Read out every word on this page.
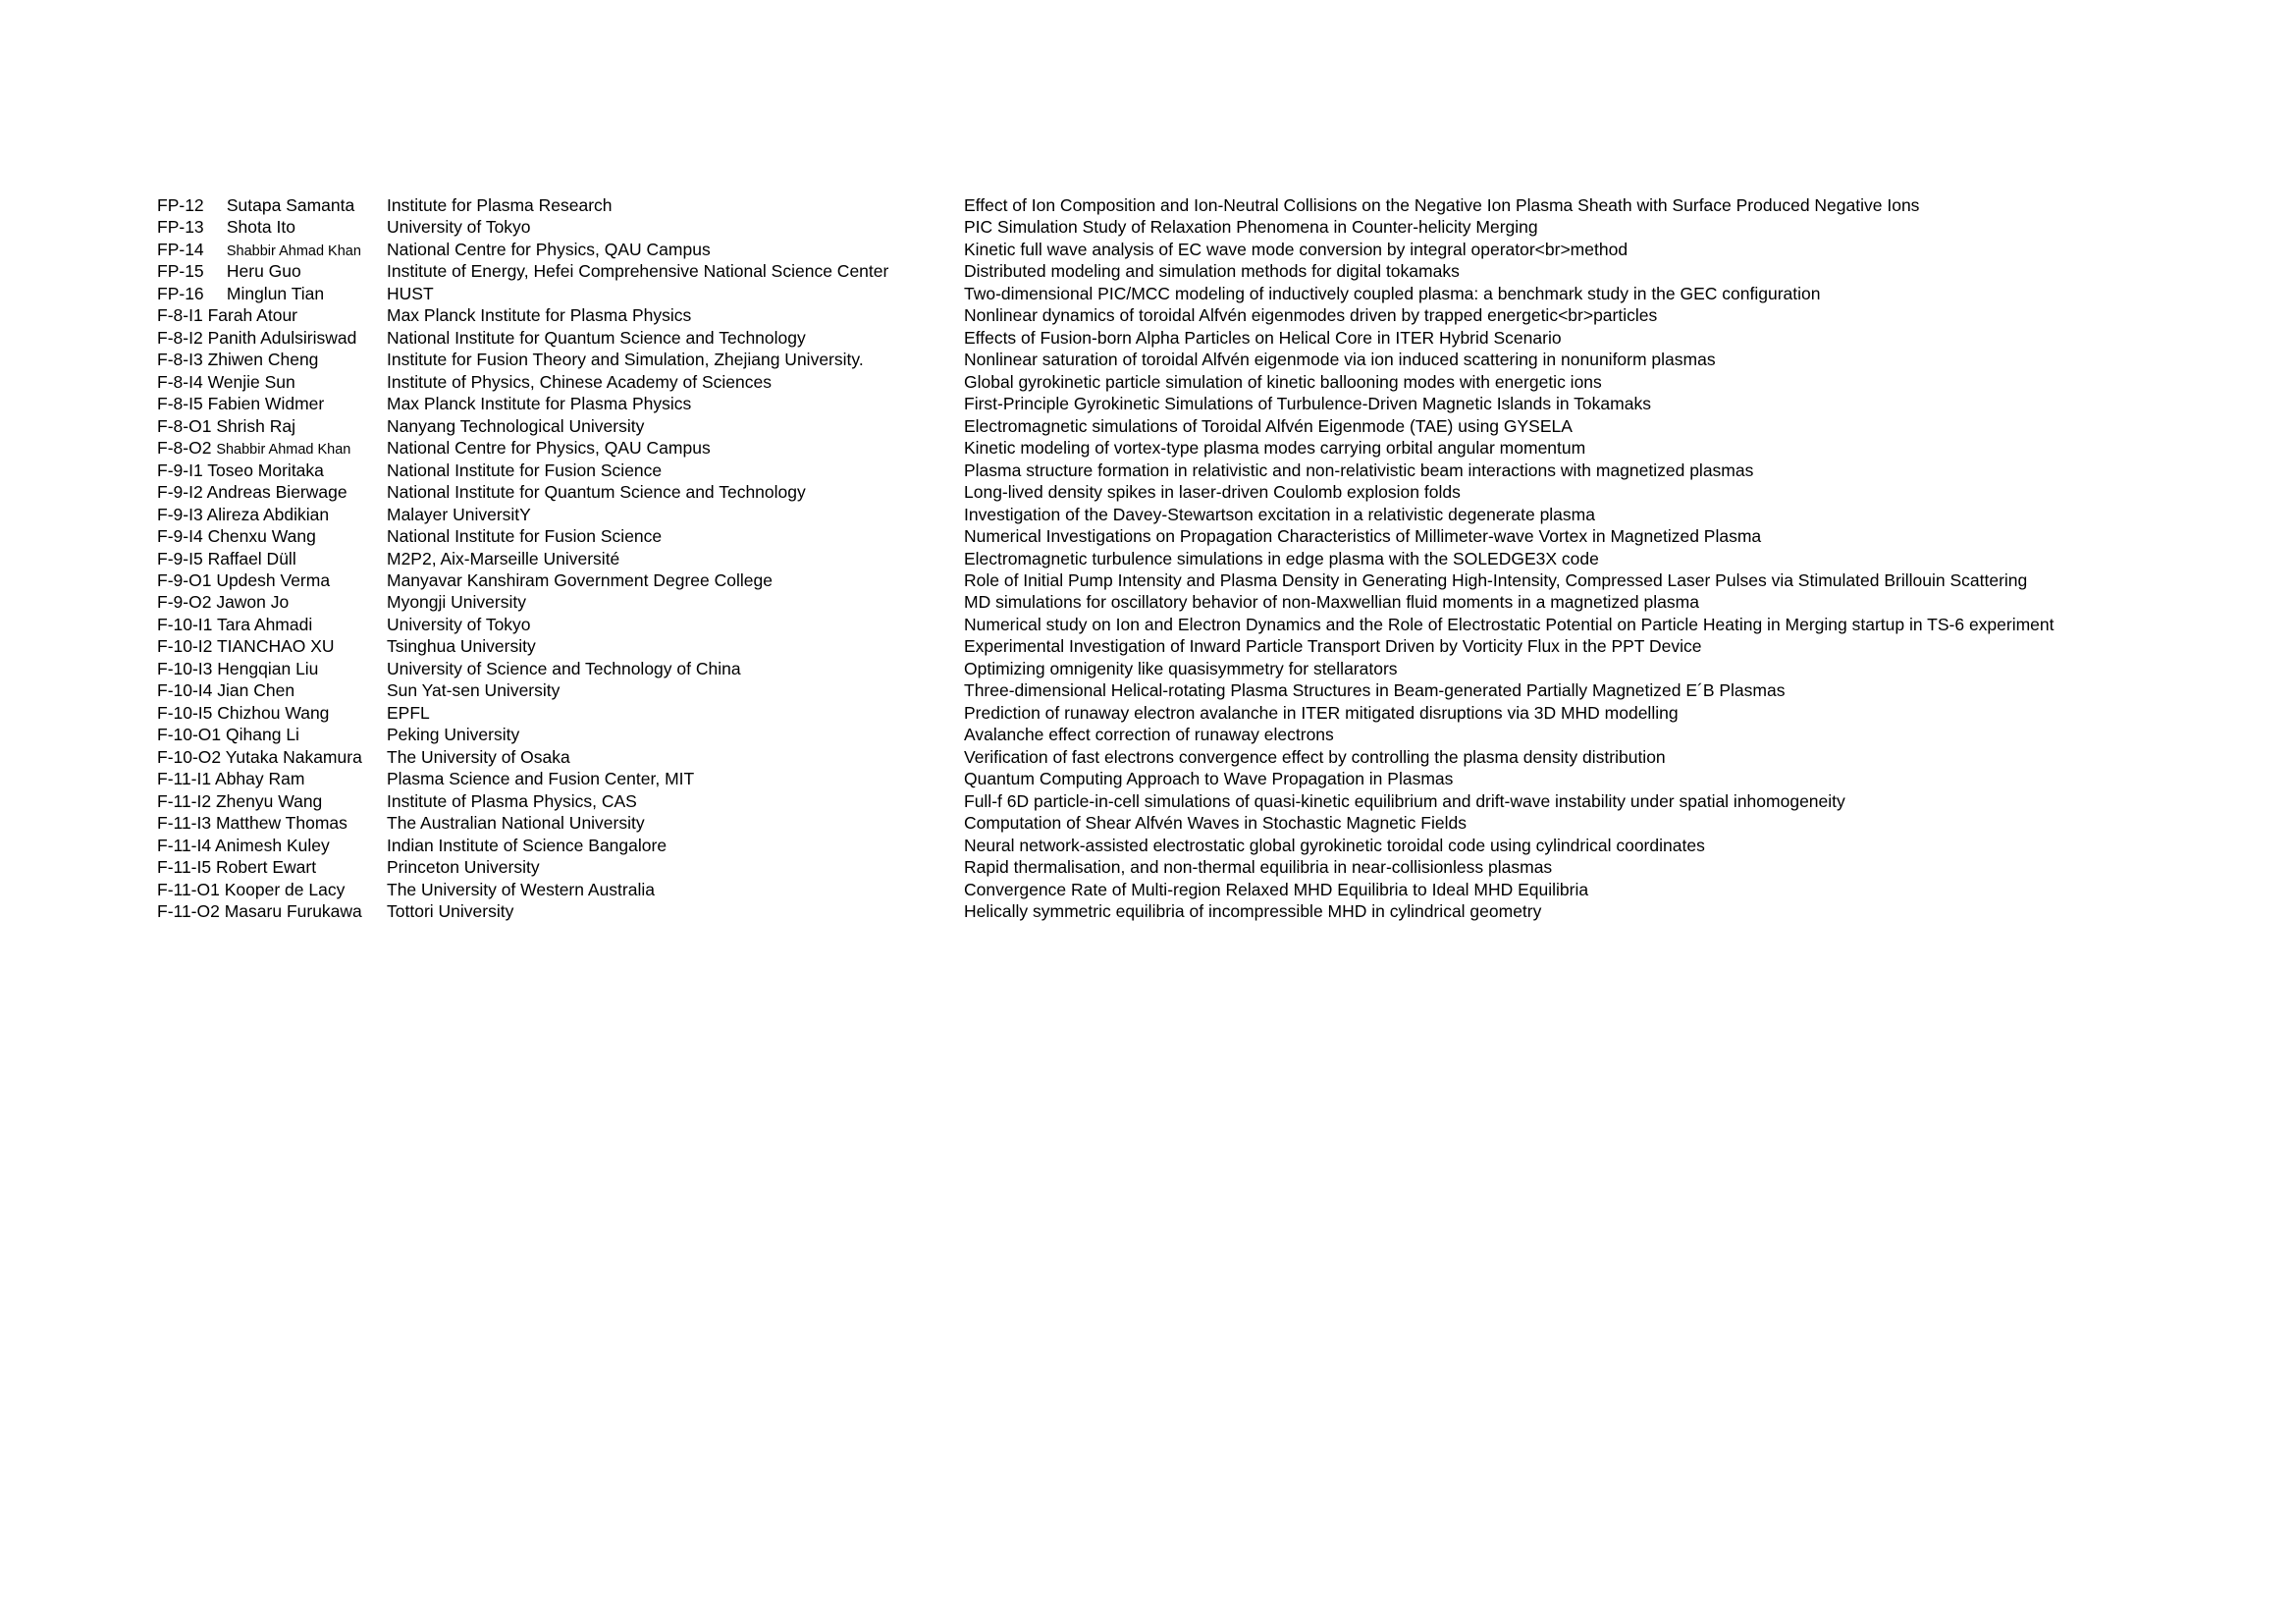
FP-12 Sutapa Samanta	Institute for Plasma Research	Effect of Ion Composition and Ion-Neutral Collisions on the Negative Ion Plasma Sheath with Surface Produced Negative Ions
FP-13 Shota Ito	University of Tokyo	PIC Simulation Study of Relaxation Phenomena in Counter-helicity Merging
FP-14 Shabbir Ahmad Khan	National Centre for Physics, QAU Campus	Kinetic full wave analysis of EC wave mode conversion by integral operator<br>method
FP-15 Heru Guo	Institute of Energy, Hefei Comprehensive National Science Center	Distributed modeling and simulation methods for digital tokamaks
FP-16 Minglun Tian	HUST	Two-dimensional PIC/MCC modeling of inductively coupled plasma: a benchmark study in the GEC configuration
F-8-I1 Farah Atour	Max Planck Institute for Plasma Physics	Nonlinear dynamics of toroidal Alfvén eigenmodes driven by trapped energetic<br>particles
F-8-I2 Panith Adulsiriswad	National Institute for Quantum Science and Technology	Effects of Fusion-born Alpha Particles on Helical Core in ITER Hybrid Scenario
F-8-I3 Zhiwen Cheng	Institute for Fusion Theory and Simulation, Zhejiang University.	Nonlinear saturation of toroidal Alfvén eigenmode via ion induced scattering in nonuniform plasmas
F-8-I4 Wenjie Sun	Institute of Physics, Chinese Academy of Sciences	Global gyrokinetic particle simulation of kinetic ballooning modes with energetic ions
F-8-I5 Fabien Widmer	Max Planck Institute for Plasma Physics	First-Principle Gyrokinetic Simulations of Turbulence-Driven Magnetic Islands in Tokamaks
F-8-O1 Shrish Raj	Nanyang Technological University	Electromagnetic simulations of Toroidal Alfvén Eigenmode (TAE) using GYSELA
F-8-O2 Shabbir Ahmad Khan	National Centre for Physics, QAU Campus	Kinetic modeling of vortex-type plasma modes carrying orbital angular momentum
F-9-I1 Toseo Moritaka	National Institute for Fusion Science	Plasma structure formation in relativistic and non-relativistic beam interactions with magnetized plasmas
F-9-I2 Andreas Bierwage	National Institute for Quantum Science and Technology	Long-lived density spikes in laser-driven Coulomb explosion folds
F-9-I3 Alireza Abdikian	Malayer UniversitY	Investigation of the Davey-Stewartson excitation in a relativistic degenerate plasma
F-9-I4 Chenxu Wang	National Institute for Fusion Science	Numerical Investigations on Propagation Characteristics of Millimeter-wave Vortex in Magnetized Plasma
F-9-I5 Raffael Düll	M2P2, Aix-Marseille Université	Electromagnetic turbulence simulations in edge plasma with the SOLEDGE3X code
F-9-O1 Updesh Verma	Manyavar Kanshiram Government Degree College	Role of Initial Pump Intensity and Plasma Density in Generating High-Intensity, Compressed Laser Pulses via Stimulated Brillouin Scattering
F-9-O2 Jawon Jo	Myongji University	MD simulations for oscillatory behavior of non-Maxwellian fluid moments in a magnetized plasma
F-10-I1 Tara Ahmadi	University of Tokyo	Numerical study on Ion and Electron Dynamics and the Role of Electrostatic Potential on Particle Heating in Merging startup in TS-6 experiment
F-10-I2 TIANCHAO XU	Tsinghua University	Experimental Investigation of Inward Particle Transport Driven by Vorticity Flux in the PPT Device
F-10-I3 Hengqian Liu	University of Science and Technology of China	Optimizing omnigenity like quasisymmetry for stellarators
F-10-I4 Jian Chen	Sun Yat-sen University	Three-dimensional Helical-rotating Plasma Structures in Beam-generated Partially Magnetized E´B Plasmas
F-10-I5 Chizhou Wang	EPFL	Prediction of runaway electron avalanche in ITER mitigated disruptions via 3D MHD modelling
F-10-O1 Qihang Li	Peking University	Avalanche effect correction of runaway electrons
F-10-O2 Yutaka Nakamura	The University of Osaka	Verification of fast electrons convergence effect by controlling the plasma density distribution
F-11-I1 Abhay Ram	Plasma Science and Fusion Center, MIT	Quantum Computing Approach to Wave Propagation in Plasmas
F-11-I2 Zhenyu Wang	Institute of Plasma Physics, CAS	Full-f 6D particle-in-cell simulations of quasi-kinetic equilibrium and drift-wave instability under spatial inhomogeneity
F-11-I3 Matthew Thomas	The Australian National University	Computation of Shear Alfvén Waves in Stochastic Magnetic Fields
F-11-I4 Animesh Kuley	Indian Institute of Science Bangalore	Neural network-assisted electrostatic global gyrokinetic toroidal code using cylindrical coordinates
F-11-I5 Robert Ewart	Princeton University	Rapid thermalisation, and non-thermal equilibria in near-collisionless plasmas
F-11-O1 Kooper de Lacy	The University of Western Australia	Convergence Rate of Multi-region Relaxed MHD Equilibria to Ideal MHD Equilibria
F-11-O2 Masaru Furukawa	Tottori University	Helically symmetric equilibria of incompressible MHD in cylindrical geometry
